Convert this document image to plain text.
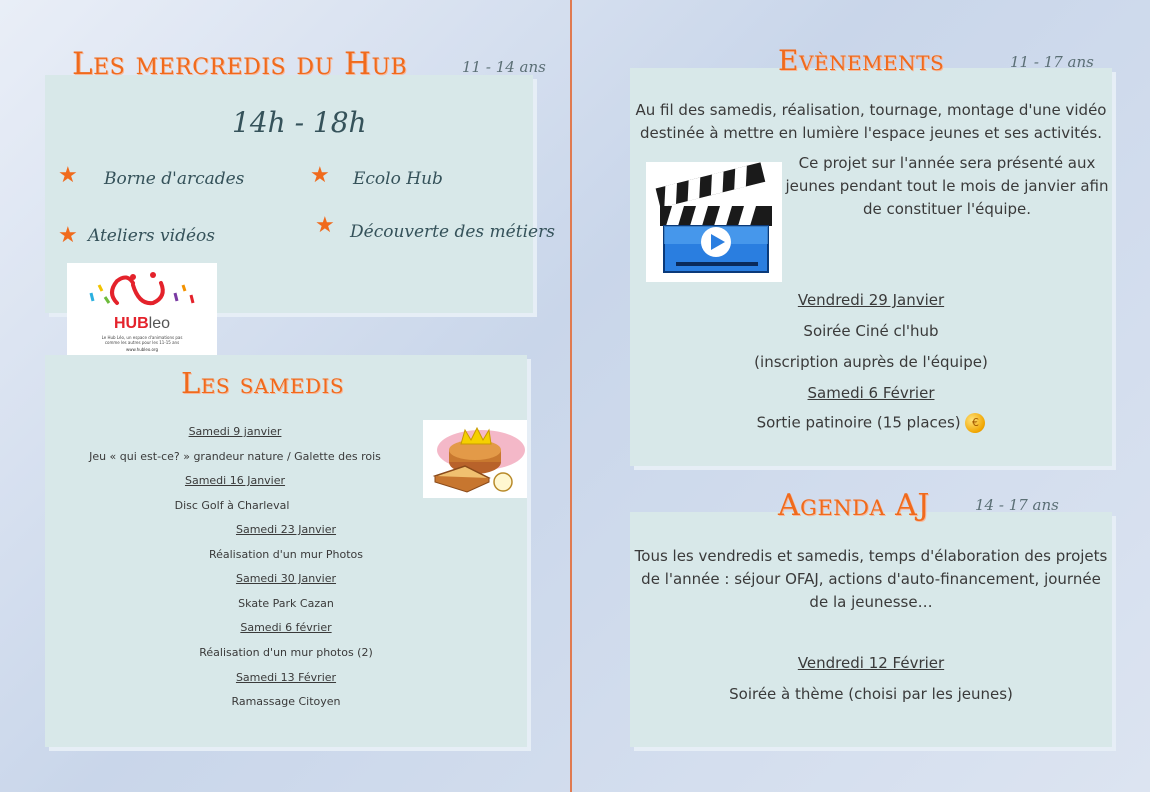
Les mercredis du Hub	11 - 14 ans
14h - 18h
★ Borne d'arcades	★ Ecolo Hub
★ Ateliers vidéos	★ Découverte des métiers
HUBleo
Le Hub Léo, un espace d'animations pas comme les autres pour les 11-15 ans
www.hubleo.org
Les samedis
Samedi 9 janvier
Jeu « qui est-ce? » grandeur nature / Galette des rois
Samedi 16 Janvier
Disc Golf à Charleval
Samedi 23 Janvier
Réalisation d'un mur Photos
Samedi 30 Janvier
Skate Park Cazan
Samedi 6 février
Réalisation d'un mur photos (2)
Samedi 13 Février
Ramassage Citoyen
Evènements	11 - 17 ans
Au fil des samedis, réalisation, tournage, montage d'une vidéo destinée à mettre en lumière l'espace jeunes et ses activités.
Ce projet sur l'année sera présenté aux jeunes pendant tout le mois de janvier afin de constituer l'équipe.
Vendredi 29 Janvier
Soirée Ciné cl'hub
(inscription auprès de l'équipe)
Samedi 6 Février
Sortie patinoire (15 places) €
Agenda AJ	14 - 17 ans
Tous les vendredis et samedis, temps d'élaboration des projets de l'année : séjour OFAJ, actions d'auto-financement, journée de la jeunesse…
Vendredi 12 Février
Soirée à thème (choisi par les jeunes)
